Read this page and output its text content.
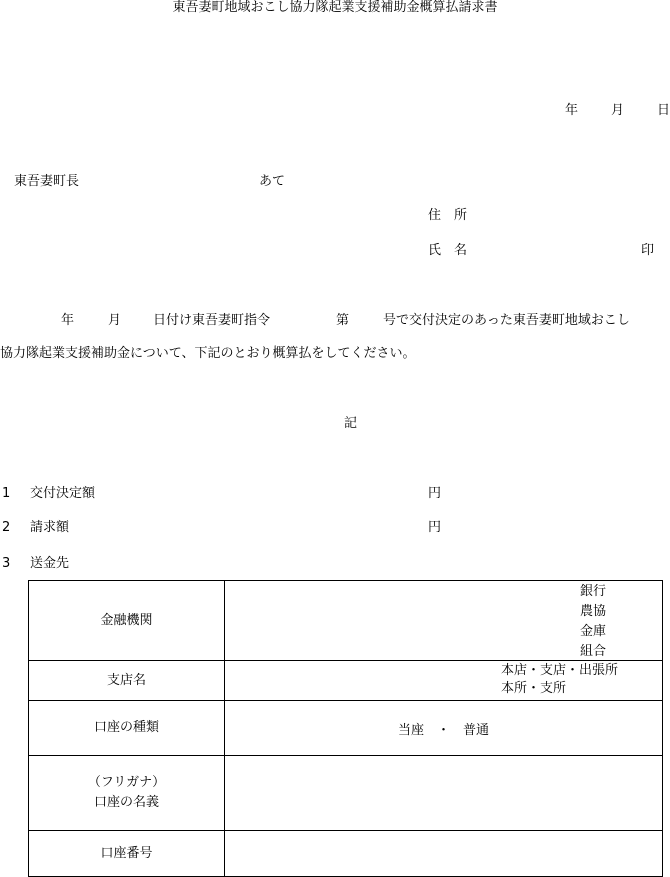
東吾妻町地域おこし協力隊起業支援補助金概算払請求書
年	月	日
東吾妻町長	あて
住　所
氏　名	印
年	月 日付け東吾妻町指令	第	号で交付決定のあった東吾妻町地域おこし
協力隊起業支援補助金について、下記のとおり概算払をしてください。
記
1 交付決定額	円
2 請求額	円
3 送金先
金融機関	銀行
農協
金庫
組合

支店名	本店・支店・出張所
本所・支所

口座の種類	当座　・　普通

（フリガナ）
口座の名義	

口座番号	
